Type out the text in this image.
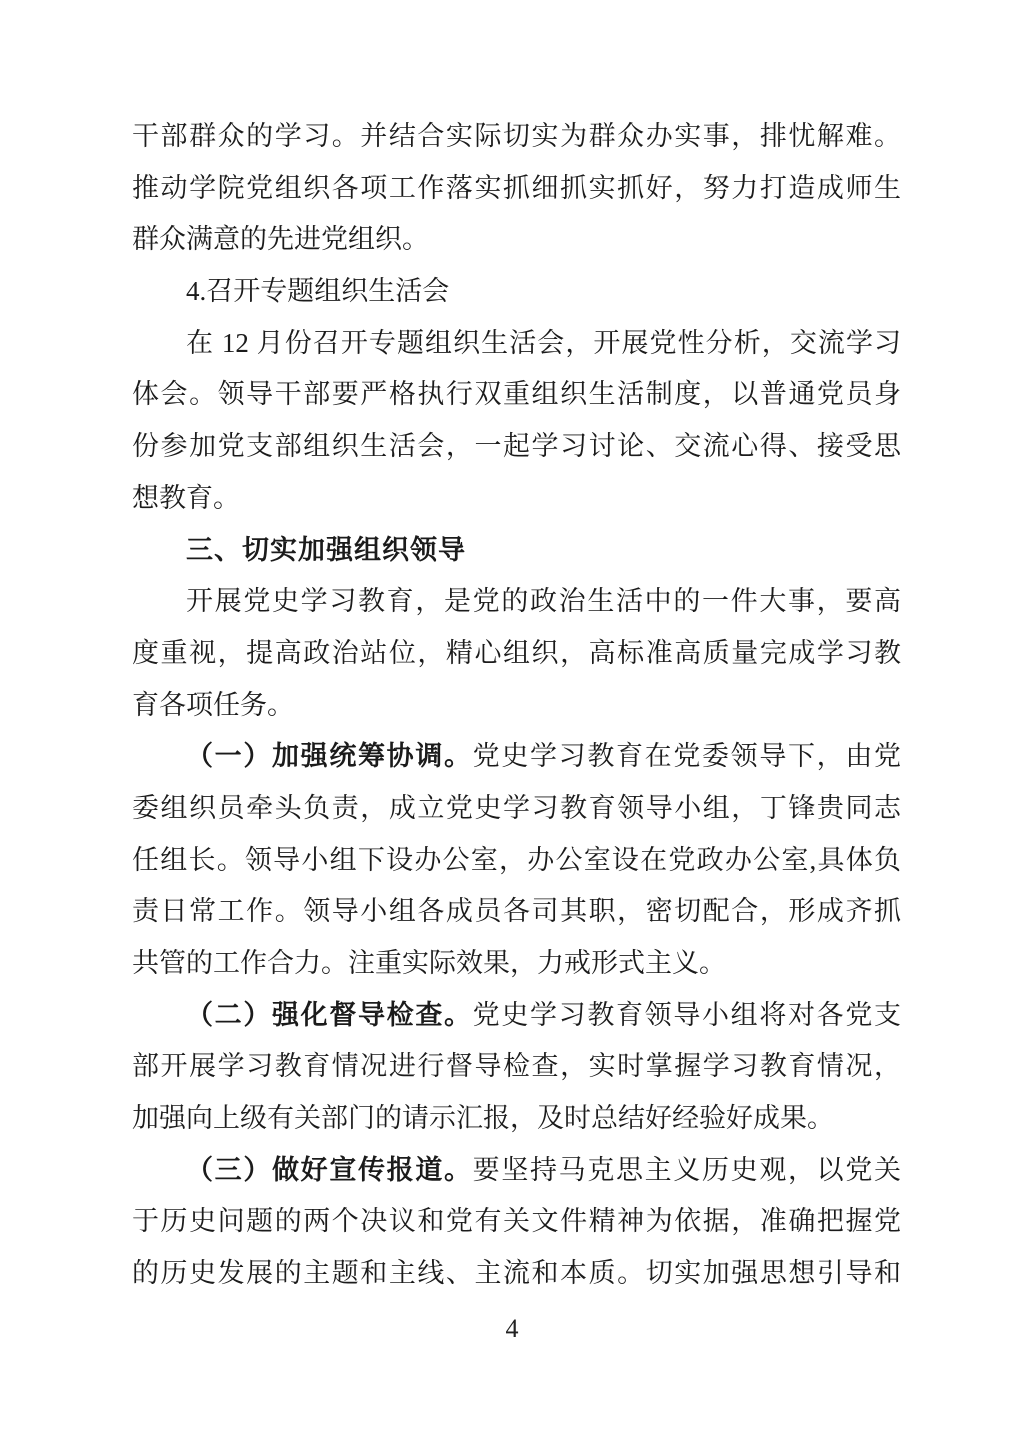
干部群众的学习。并结合实际切实为群众办实事，排忧解难。
推动学院党组织各项工作落实抓细抓实抓好，努力打造成师生
群众满意的先进党组织。
4.召开专题组织生活会
在 12 月份召开专题组织生活会，开展党性分析，交流学习
体会。领导干部要严格执行双重组织生活制度，以普通党员身
份参加党支部组织生活会，一起学习讨论、交流心得、接受思
想教育。
三、切实加强组织领导
开展党史学习教育，是党的政治生活中的一件大事，要高
度重视，提高政治站位，精心组织，高标准高质量完成学习教
育各项任务。
（一）加强统筹协调。党史学习教育在党委领导下，由党
委组织员牵头负责，成立党史学习教育领导小组，丁锋贵同志
任组长。领导小组下设办公室，办公室设在党政办公室,具体负
责日常工作。领导小组各成员各司其职，密切配合，形成齐抓
共管的工作合力。注重实际效果，力戒形式主义。
（二）强化督导检查。党史学习教育领导小组将对各党支
部开展学习教育情况进行督导检查，实时掌握学习教育情况，
加强向上级有关部门的请示汇报，及时总结好经验好成果。
（三）做好宣传报道。要坚持马克思主义历史观，以党关
于历史问题的两个决议和党有关文件精神为依据，准确把握党
的历史发展的主题和主线、主流和本质。切实加强思想引导和
4
